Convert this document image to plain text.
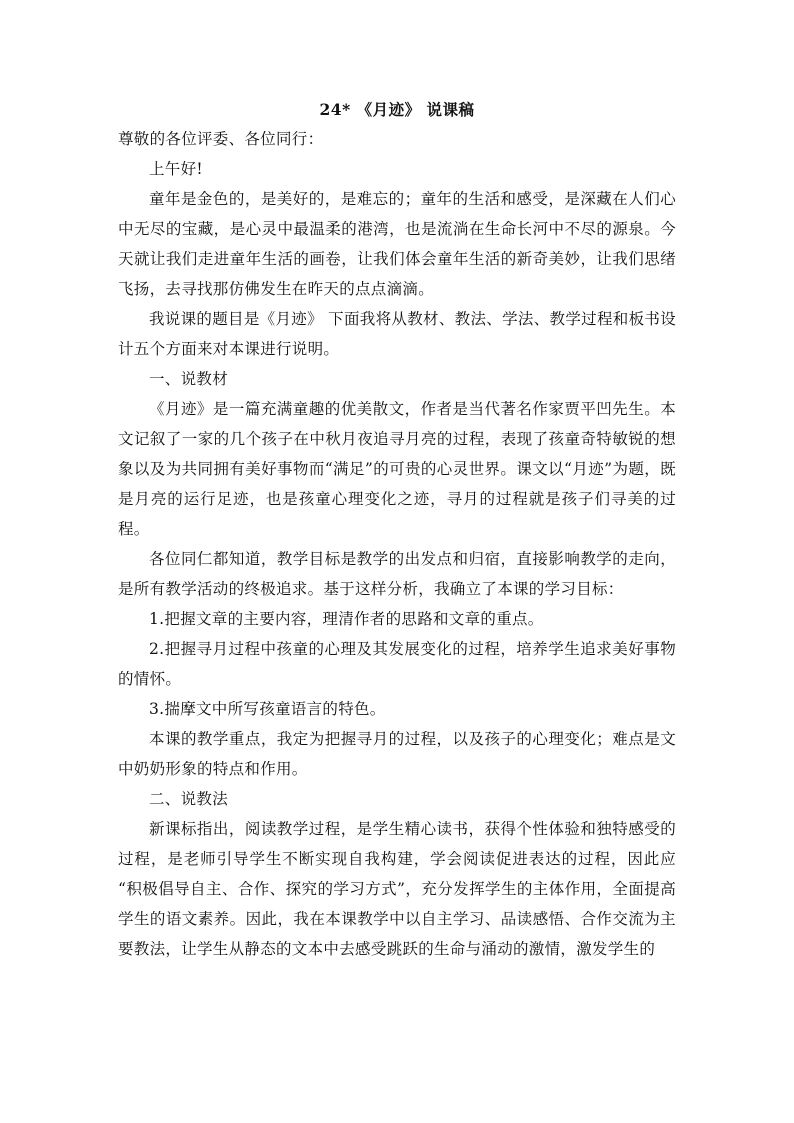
24* 《月迹》 说课稿
尊敬的各位评委、各位同行：
上午好!
童年是金色的，是美好的，是难忘的；童年的生活和感受，是深藏在人们心中无尽的宝藏，是心灵中最温柔的港湾，也是流淌在生命长河中不尽的源泉。今天就让我们走进童年生活的画卷，让我们体会童年生活的新奇美妙，让我们思绪飞扬，去寻找那仿佛发生在昨天的点点滴滴。
我说课的题目是《月迹》 下面我将从教材、教法、学法、教学过程和板书设计五个方面来对本课进行说明。
一、说教材
《月迹》是一篇充满童趣的优美散文，作者是当代著名作家贾平凹先生。本文记叙了一家的几个孩子在中秋月夜追寻月亮的过程，表现了孩童奇特敏锐的想象以及为共同拥有美好事物而“满足”的可贵的心灵世界。课文以“月迹”为题，既是月亮的运行足迹，也是孩童心理变化之迹，寻月的过程就是孩子们寻美的过程。
各位同仁都知道，教学目标是教学的出发点和归宿，直接影响教学的走向，是所有教学活动的终极追求。基于这样分析，我确立了本课的学习目标：
1.把握文章的主要内容，理清作者的思路和文章的重点。
2.把握寻月过程中孩童的心理及其发展变化的过程，培养学生追求美好事物的情怀。
3.揣摩文中所写孩童语言的特色。
本课的教学重点，我定为把握寻月的过程，以及孩子的心理变化；难点是文中奶奶形象的特点和作用。
二、说教法
新课标指出，阅读教学过程，是学生精心读书，获得个性体验和独特感受的过程，是老师引导学生不断实现自我构建，学会阅读促进表达的过程，因此应 “积极倡导自主、合作、探究的学习方式”，充分发挥学生的主体作用，全面提高学生的语文素养。因此，我在本课教学中以自主学习、品读感悟、合作交流为主要教法，让学生从静态的文本中去感受跳跃的生命与涌动的激情，激发学生的
